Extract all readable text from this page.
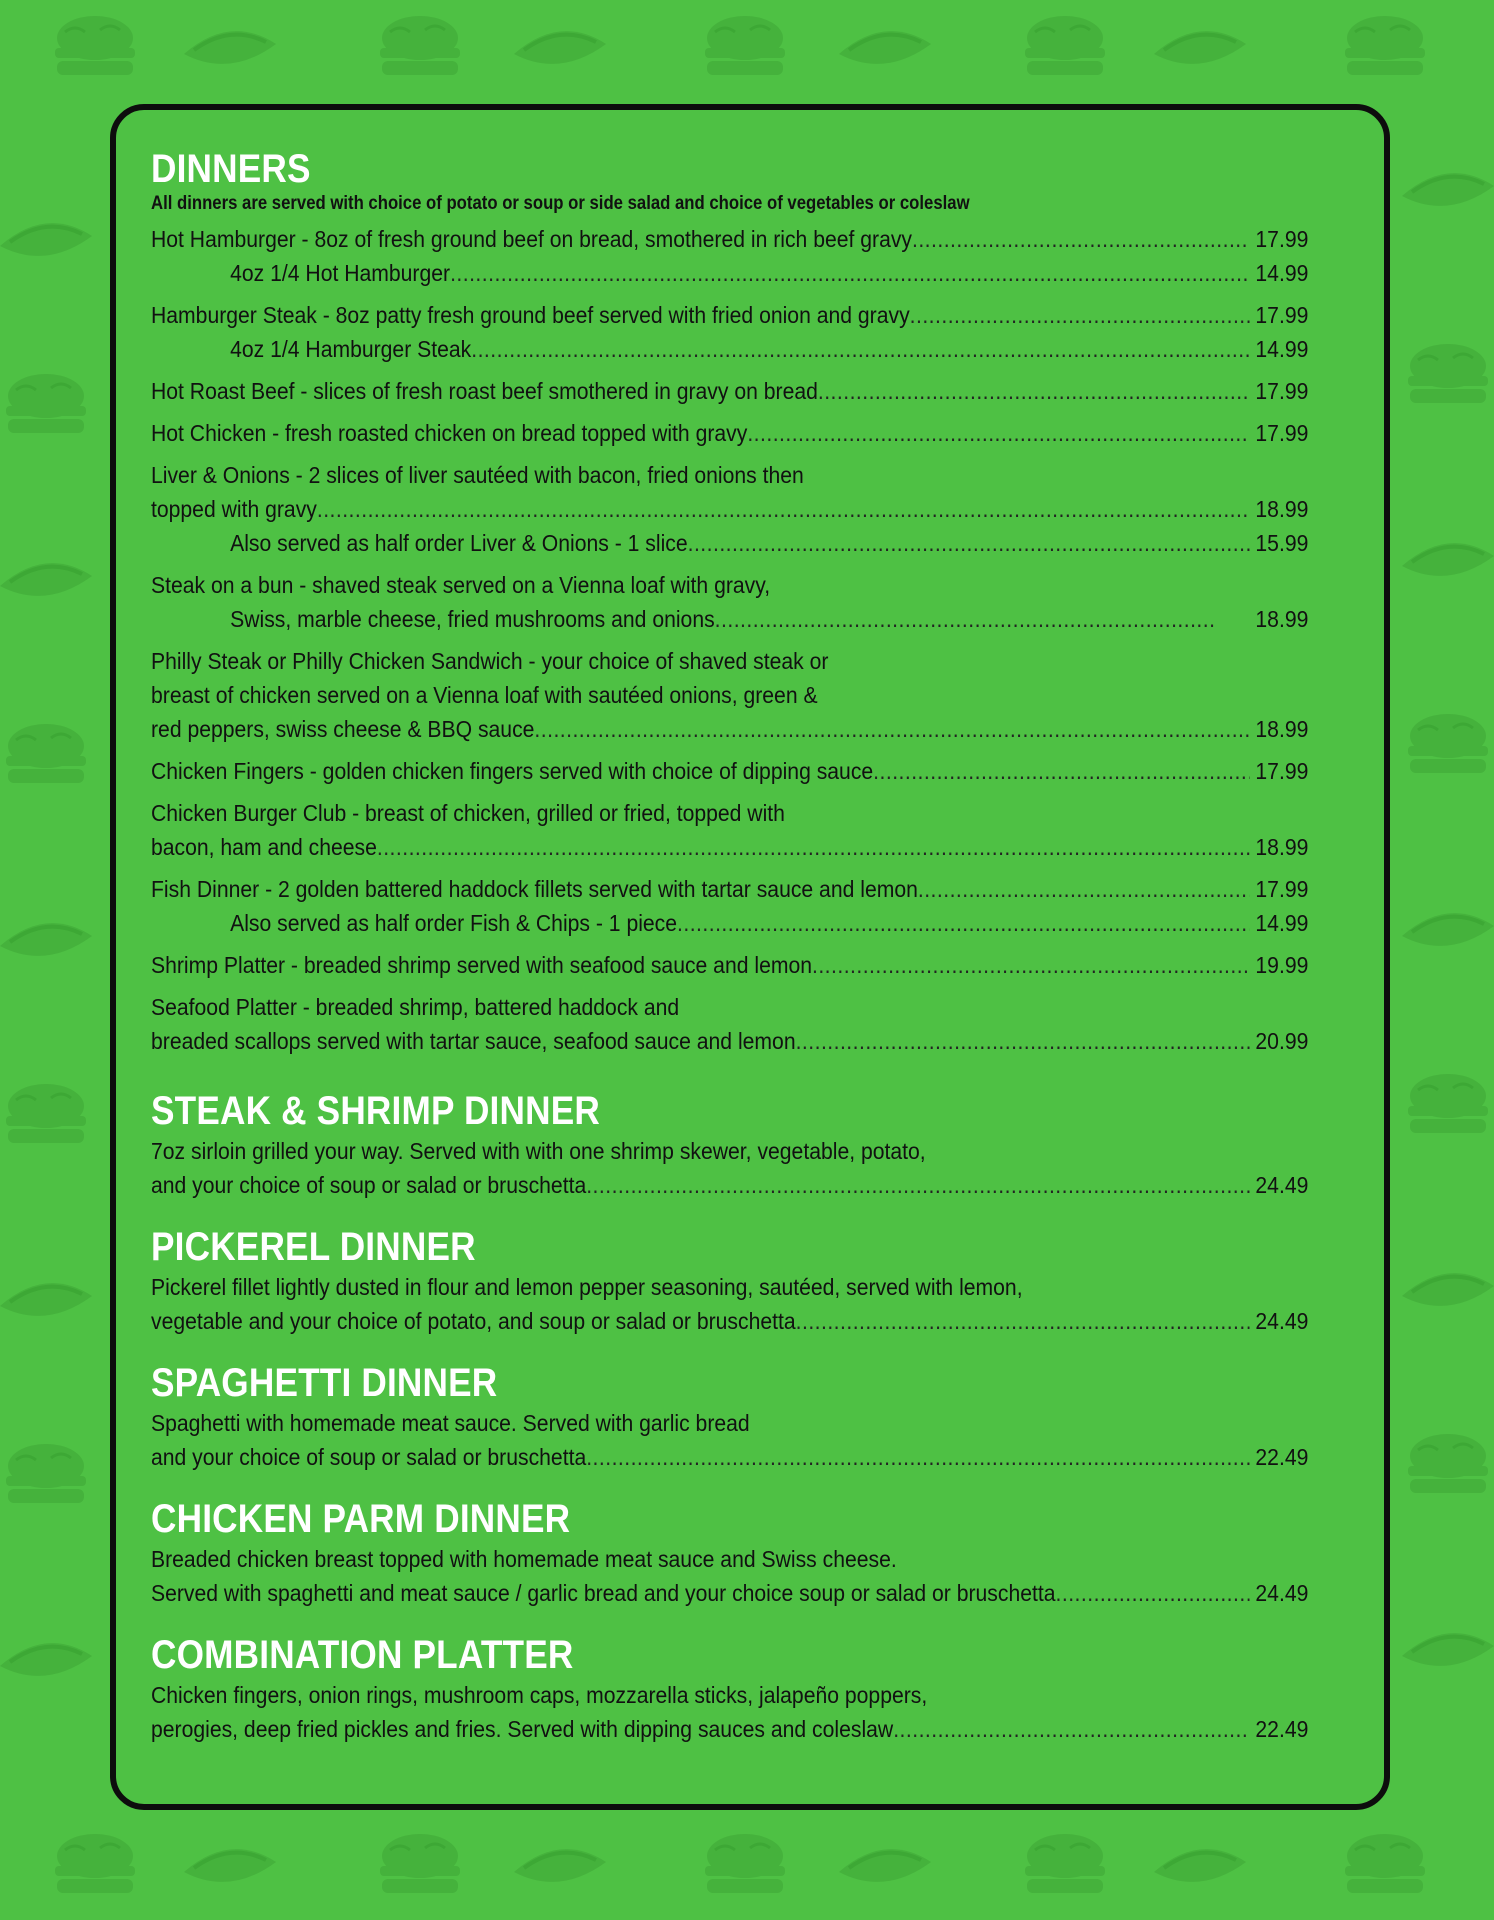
DINNERS
All dinners are served with choice of potato or soup or side salad and choice of vegetables or coleslaw
Hot Hamburger - 8oz of fresh ground beef on bread, smothered in rich beef gravy .....	17.99
4oz 1/4 Hot Hamburger .....	14.99
Hamburger Steak - 8oz patty fresh ground beef served with fried onion and gravy .....	17.99
4oz 1/4 Hamburger Steak .....	14.99
Hot Roast Beef - slices of fresh roast beef smothered in gravy on bread .....	17.99
Hot Chicken - fresh roasted chicken on bread topped with gravy .....	17.99
Liver & Onions - 2 slices of liver sautéed with bacon, fried onions then
topped with gravy .....	18.99
Also served as half order Liver & Onions - 1 slice .....	15.99
Steak on a bun - shaved steak served on a Vienna loaf with gravy,
Swiss, marble cheese, fried mushrooms and onions .....	18.99
Philly Steak or Philly Chicken Sandwich - your choice of shaved steak or
breast of chicken served on a Vienna loaf with sautéed onions, green &
red peppers, swiss cheese & BBQ sauce .....	18.99
Chicken Fingers - golden chicken fingers served with choice of dipping sauce .....	17.99
Chicken Burger Club - breast of chicken, grilled or fried, topped with
bacon, ham and cheese .....	18.99
Fish Dinner - 2 golden battered haddock fillets served with tartar sauce and lemon .....	17.99
Also served as half order Fish & Chips - 1 piece .....	14.99
Shrimp Platter - breaded shrimp served with seafood sauce and lemon .....	19.99
Seafood Platter - breaded shrimp, battered haddock and
breaded scallops served with tartar sauce, seafood sauce and lemon .....	20.99
STEAK & SHRIMP DINNER
7oz sirloin grilled your way. Served with with one shrimp skewer, vegetable, potato,
and your choice of soup or salad or bruschetta .....	24.49
PICKEREL DINNER
Pickerel fillet lightly dusted in flour and lemon pepper seasoning, sautéed, served with lemon,
vegetable and your choice of potato, and soup or salad or bruschetta .....	24.49
SPAGHETTI DINNER
Spaghetti with homemade meat sauce. Served with garlic bread
and your choice of soup or salad or bruschetta .....	22.49
CHICKEN PARM DINNER
Breaded chicken breast topped with homemade meat sauce and Swiss cheese.
Served with spaghetti and meat sauce / garlic bread and your choice soup or salad or bruschetta .....	24.49
COMBINATION PLATTER
Chicken fingers, onion rings, mushroom caps, mozzarella sticks, jalapeño poppers,
perogies, deep fried pickles and fries. Served with dipping sauces and coleslaw .....	22.49
